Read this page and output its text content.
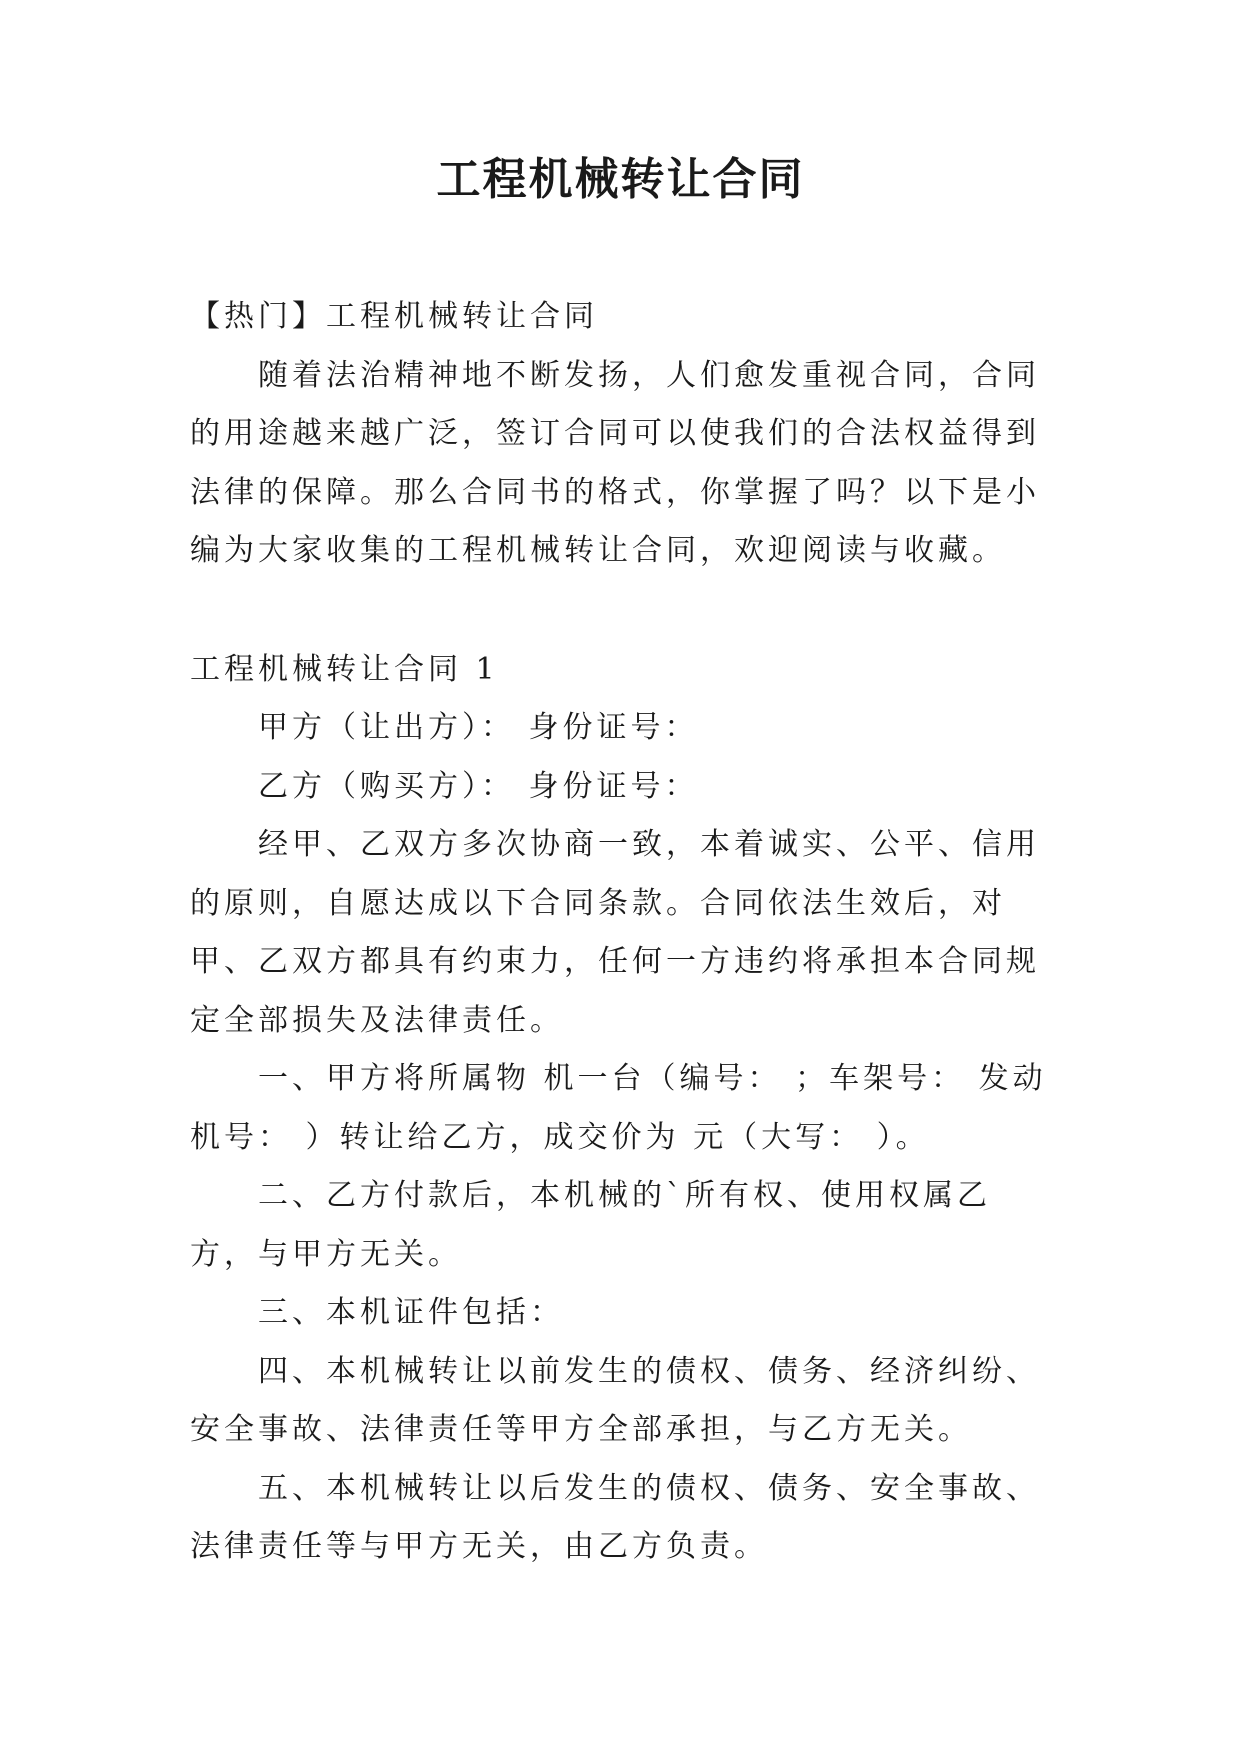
工程机械转让合同

【热门】工程机械转让合同

随着法治精神地不断发扬，人们愈发重视合同，合同的用途越来越广泛，签订合同可以使我们的合法权益得到法律的保障。那么合同书的格式，你掌握了吗？以下是小编为大家收集的工程机械转让合同，欢迎阅读与收藏。

工程机械转让合同 1

甲方（让出方）： 身份证号：

乙方（购买方）： 身份证号：

经甲、乙双方多次协商一致，本着诚实、公平、信用的原则，自愿达成以下合同条款。合同依法生效后，对甲、乙双方都具有约束力，任何一方违约将承担本合同规定全部损失及法律责任。

一、甲方将所属物 机一台（编号： ；车架号： 发动机号： ）转让给乙方，成交价为 元（大写： ）。

二、乙方付款后，本机械的`所有权、使用权属乙方，与甲方无关。

三、本机证件包括：

四、本机械转让以前发生的债权、债务、经济纠纷、安全事故、法律责任等甲方全部承担，与乙方无关。

五、本机械转让以后发生的债权、债务、安全事故、法律责任等与甲方无关，由乙方负责。
